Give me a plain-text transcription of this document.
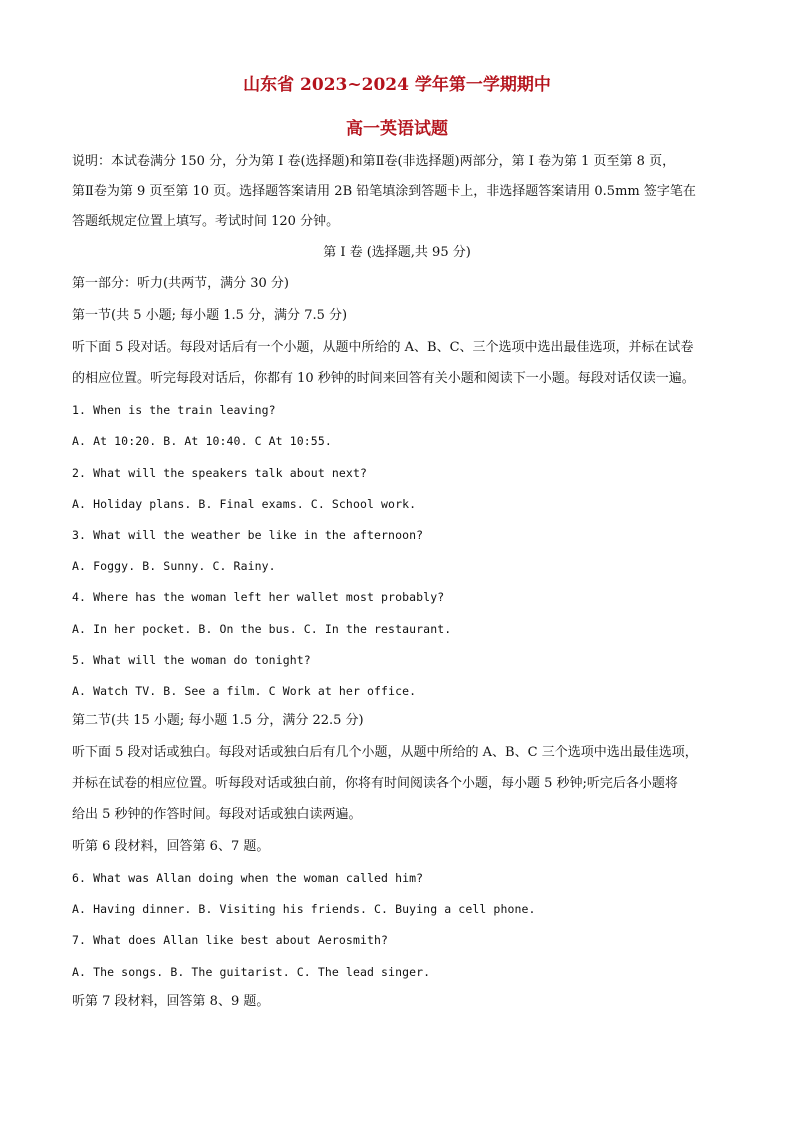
山东省 2023~2024 学年第一学期期中
高一英语试题
说明：本试卷满分 150 分，分为第 I 卷(选择题)和第Ⅱ卷(非选择题)两部分，第 I 卷为第 1 页至第 8 页，
第Ⅱ卷为第 9 页至第 10 页。选择题答案请用 2B 铅笔填涂到答题卡上，非选择题答案请用 0.5mm 签字笔在
答题纸规定位置上填写。考试时间 120 分钟。
第 I 卷 (选择题,共 95 分)
第一部分：听力(共两节，满分 30 分)
第一节(共 5 小题; 每小题 1.5 分，满分 7.5 分)
听下面 5 段对话。每段对话后有一个小题，从题中所给的 A、B、C、三个选项中选出最佳选项，并标在试卷
的相应位置。听完每段对话后，你都有 10 秒钟的时间来回答有关小题和阅读下一小题。每段对话仅读一遍。
1. When is the train leaving?
A. At 10:20. B. At 10:40. C At 10:55.
2. What will the speakers talk about next?
A. Holiday plans. B. Final exams. C. School work.
3. What will the weather be like in the afternoon?
A. Foggy. B. Sunny. C. Rainy.
4. Where has the woman left her wallet most probably?
A. In her pocket. B. On the bus. C. In the restaurant.
5. What will the woman do tonight?
A. Watch TV. B. See a film. C Work at her office.
第二节(共 15 小题; 每小题 1.5 分，满分 22.5 分)
听下面 5 段对话或独白。每段对话或独白后有几个小题，从题中所给的 A、B、C 三个选项中选出最佳选项，
并标在试卷的相应位置。听每段对话或独白前，你将有时间阅读各个小题，每小题 5 秒钟;听完后各小题将
给出 5 秒钟的作答时间。每段对话或独白读两遍。
听第 6 段材料，回答第 6、7 题。
6. What was Allan doing when the woman called him?
A. Having dinner. B. Visiting his friends. C. Buying a cell phone.
7. What does Allan like best about Aerosmith?
A. The songs. B. The guitarist. C. The lead singer.
听第 7 段材料，回答第 8、9 题。
